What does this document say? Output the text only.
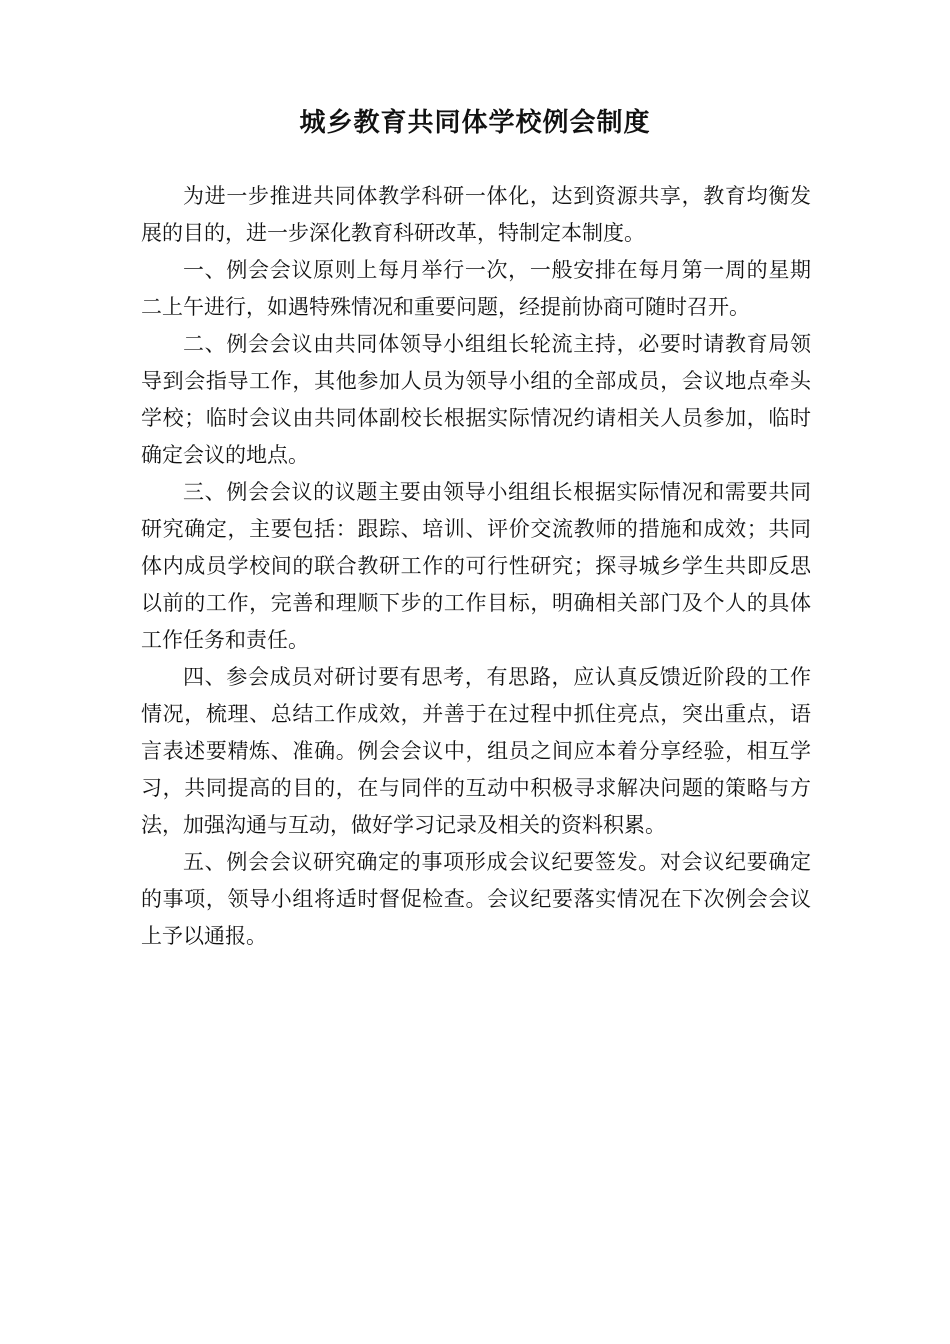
城乡教育共同体学校例会制度

为进一步推进共同体教学科研一体化，达到资源共享，教育均衡发展的目的，进一步深化教育科研改革，特制定本制度。

一、例会会议原则上每月举行一次，一般安排在每月第一周的星期二上午进行，如遇特殊情况和重要问题，经提前协商可随时召开。

二、例会会议由共同体领导小组组长轮流主持，必要时请教育局领导到会指导工作，其他参加人员为领导小组的全部成员，会议地点牵头学校；临时会议由共同体副校长根据实际情况约请相关人员参加，临时确定会议的地点。

三、例会会议的议题主要由领导小组组长根据实际情况和需要共同研究确定，主要包括：跟踪、培训、评价交流教师的措施和成效；共同体内成员学校间的联合教研工作的可行性研究；探寻城乡学生共即反思以前的工作，完善和理顺下步的工作目标，明确相关部门及个人的具体工作任务和责任。

四、参会成员对研讨要有思考，有思路，应认真反馈近阶段的工作情况，梳理、总结工作成效，并善于在过程中抓住亮点，突出重点，语言表述要精炼、准确。例会会议中，组员之间应本着分享经验，相互学习，共同提高的目的，在与同伴的互动中积极寻求解决问题的策略与方法，加强沟通与互动，做好学习记录及相关的资料积累。

五、例会会议研究确定的事项形成会议纪要签发。对会议纪要确定的事项，领导小组将适时督促检查。会议纪要落实情况在下次例会会议上予以通报。
